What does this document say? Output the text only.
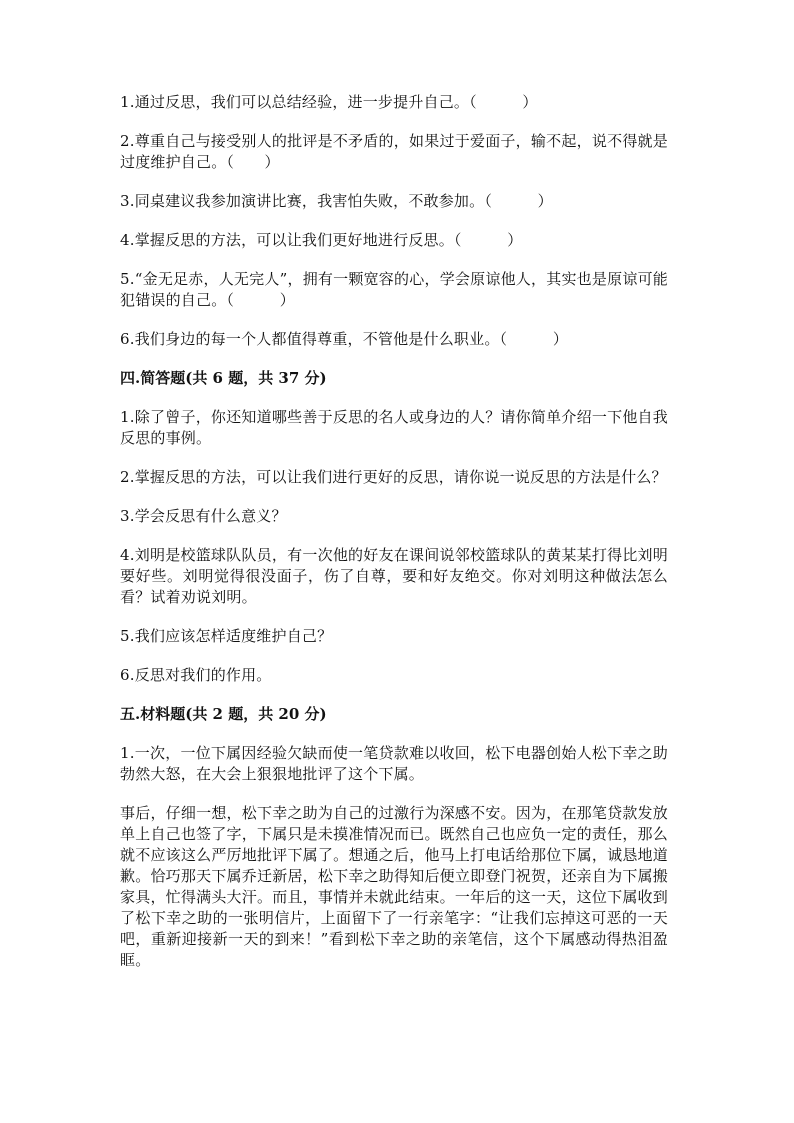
1.通过反思，我们可以总结经验，进一步提升自己。（　　　）

2.尊重自己与接受别人的批评是不矛盾的，如果过于爱面子，输不起，说不得就是过度维护自己。（　　）

3.同桌建议我参加演讲比赛，我害怕失败，不敢参加。（　　　）

4.掌握反思的方法，可以让我们更好地进行反思。（　　　）

5.“金无足赤，人无完人”，拥有一颗宽容的心，学会原谅他人，其实也是原谅可能犯错误的自己。（　　　）

6.我们身边的每一个人都值得尊重，不管他是什么职业。（　　　）

四.简答题(共 6 题，共 37 分)

1.除了曾子，你还知道哪些善于反思的名人或身边的人？请你简单介绍一下他自我反思的事例。

2.掌握反思的方法，可以让我们进行更好的反思，请你说一说反思的方法是什么？

3.学会反思有什么意义？

4.刘明是校篮球队队员，有一次他的好友在课间说邻校篮球队的黄某某打得比刘明要好些。刘明觉得很没面子，伤了自尊，要和好友绝交。你对刘明这种做法怎么看？试着劝说刘明。

5.我们应该怎样适度维护自己？

6.反思对我们的作用。

五.材料题(共 2 题，共 20 分)

1.一次，一位下属因经验欠缺而使一笔贷款难以收回，松下电器创始人松下幸之助勃然大怒，在大会上狠狠地批评了这个下属。

事后，仔细一想，松下幸之助为自己的过激行为深感不安。因为，在那笔贷款发放单上自己也签了字，下属只是未摸准情况而已。既然自己也应负一定的责任，那么就不应该这么严厉地批评下属了。想通之后，他马上打电话给那位下属，诚恳地道歉。恰巧那天下属乔迁新居，松下幸之助得知后便立即登门祝贺，还亲自为下属搬家具，忙得满头大汗。而且，事情并未就此结束。一年后的这一天，这位下属收到了松下幸之助的一张明信片，上面留下了一行亲笔字：“让我们忘掉这可恶的一天吧，重新迎接新一天的到来！”看到松下幸之助的亲笔信，这个下属感动得热泪盈眶。
